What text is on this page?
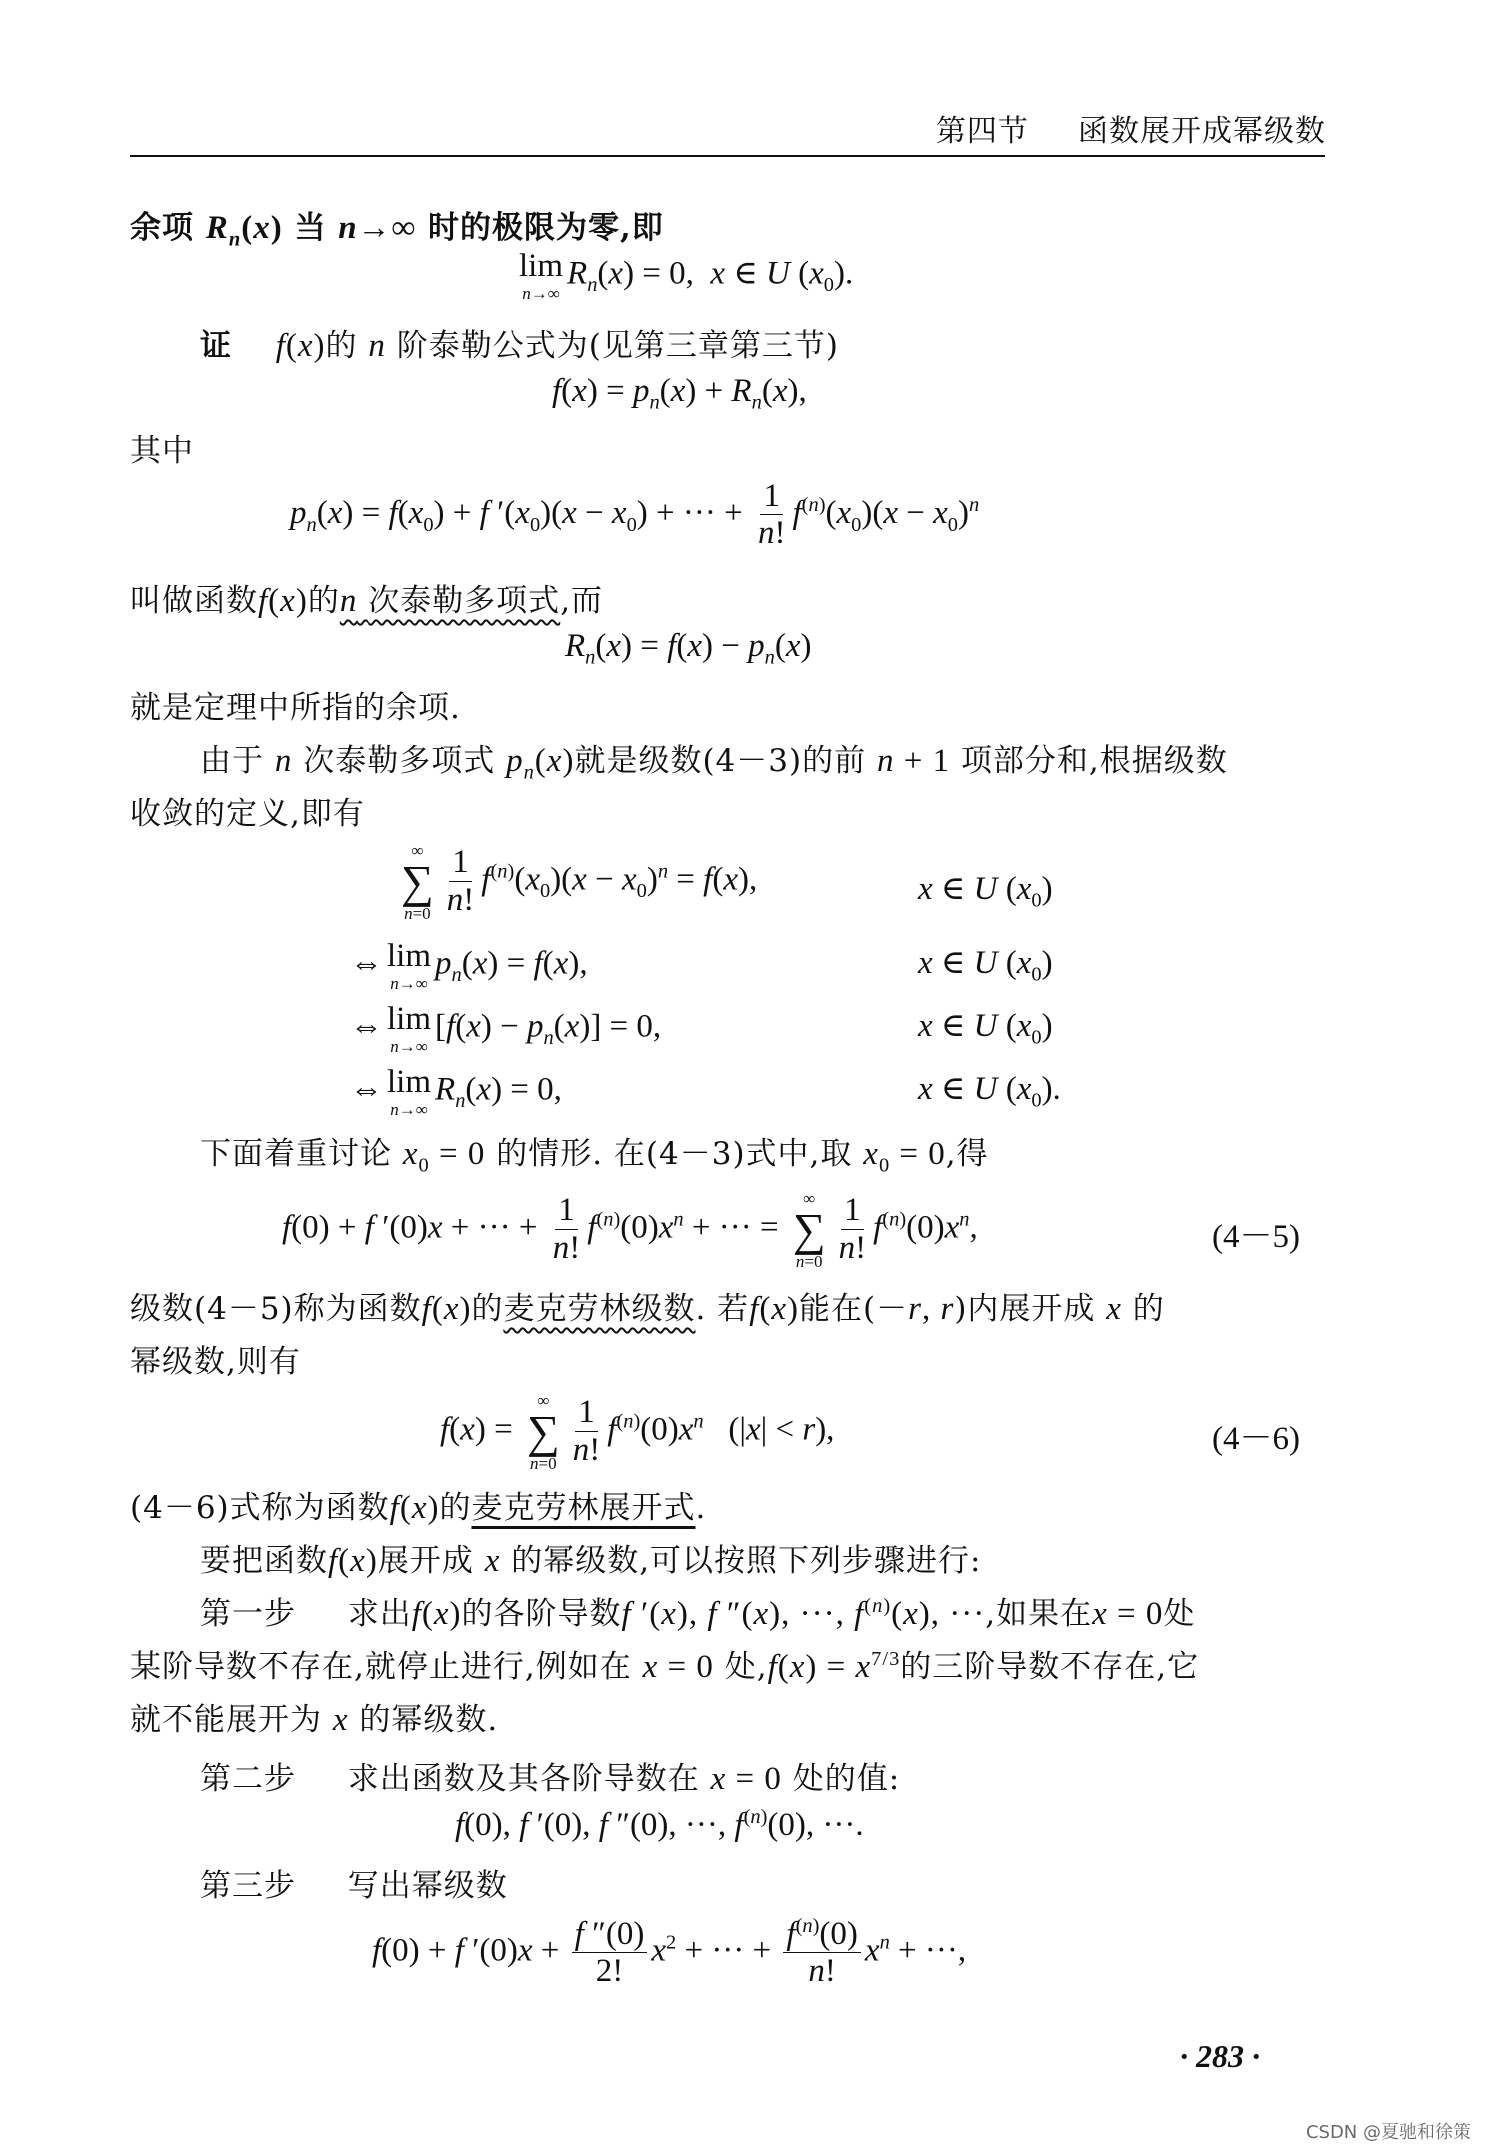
第四节 函数展开成幂级数
余项 $R_n(x)$ 当 n→∞ 时的极限为零,即
lim
n→∞
$R_n(x) = 0$,  x ∈ U $(x_0)$.
证 f(x)的 n 阶泰勒公式为(见第三章第三节)
$f(x) = p_n(x) + R_n(x)$,
其中
$p_n(x) = f(x_0) + f$ $'(x_0)(x - x_0)$ + ··· + $\frac{1}{n!} f^{(n)}(x_0)(x - x_0)^n$
叫做函数f(x)的n 次泰勒多项式,而
$R_n(x) = f(x) - p_n(x)$
就是定理中所指的余项.
由于 n 次泰勒多项式 $p_n(x)$就是级数(4－3)的前 n + 1 项部分和,根据级数
收敛的定义,即有
∞
∑
$n=0 \frac{1}{n!} f^{(n)}(x_0)(x - x_0)^n = f(x)$,	x ∈ U $(x_0)$
⇔ lim
n→∞
$p_n(x) = f(x)$,	x ∈ U $(x_0)$
⇔ lim
n→∞
$[f(x) - p_n(x)] = 0$,	x ∈ U $(x_0)$
⇔ lim
n→∞
$R_n(x) = 0$,	x ∈ U $(x_0)$.
下面着重讨论 $x_0 = 0$ 的情形. 在(4－3)式中,取 $x_0 = 0$,得
f(0) + f ′(0)x + ··· + $\frac{1}{n!} f^{(n)}(0)x^n$ + ··· =
∞
∑
$n=0 \frac{1}{n!} f^{(n)}(0)x^n$,	(4－5)
级数(4－5)称为函数f(x)的麦克劳林级数. 若f(x)能在(－r, r)内展开成 x 的
幂级数,则有
f(x) =
∞
∑
$n=0 \frac{1}{n!} f^{(n)}(0)x^n$   (|x| < r),	(4－6)
(4－6)式称为函数f(x)的麦克劳林展开式.
要把函数f(x)展开成 x 的幂级数,可以按照下列步骤进行:
第一步 求出f(x)的各阶导数f ′(x), f ″(x), ···, $f^{(n)}(x)$, ···,如果在x = 0处
某阶导数不存在,就停止进行,例如在 x = 0 处$,f(x) = x^{7/3}$的三阶导数不存在,它
就不能展开为 x 的幂级数.
第二步 求出函数及其各阶导数在 x = 0 处的值:
f(0), f ′(0), f ″(0), ···, $f^{(n)}(0)$, ···.
第三步 写出幂级数
f(0) + f $'(0)x + \frac{f ''(0)}{2!} x^2$ + ··· + $\frac{f^{(n)}(0)}{n!} x^n$ + ···,
· 283 ·
CSDN @夏驰和徐策
